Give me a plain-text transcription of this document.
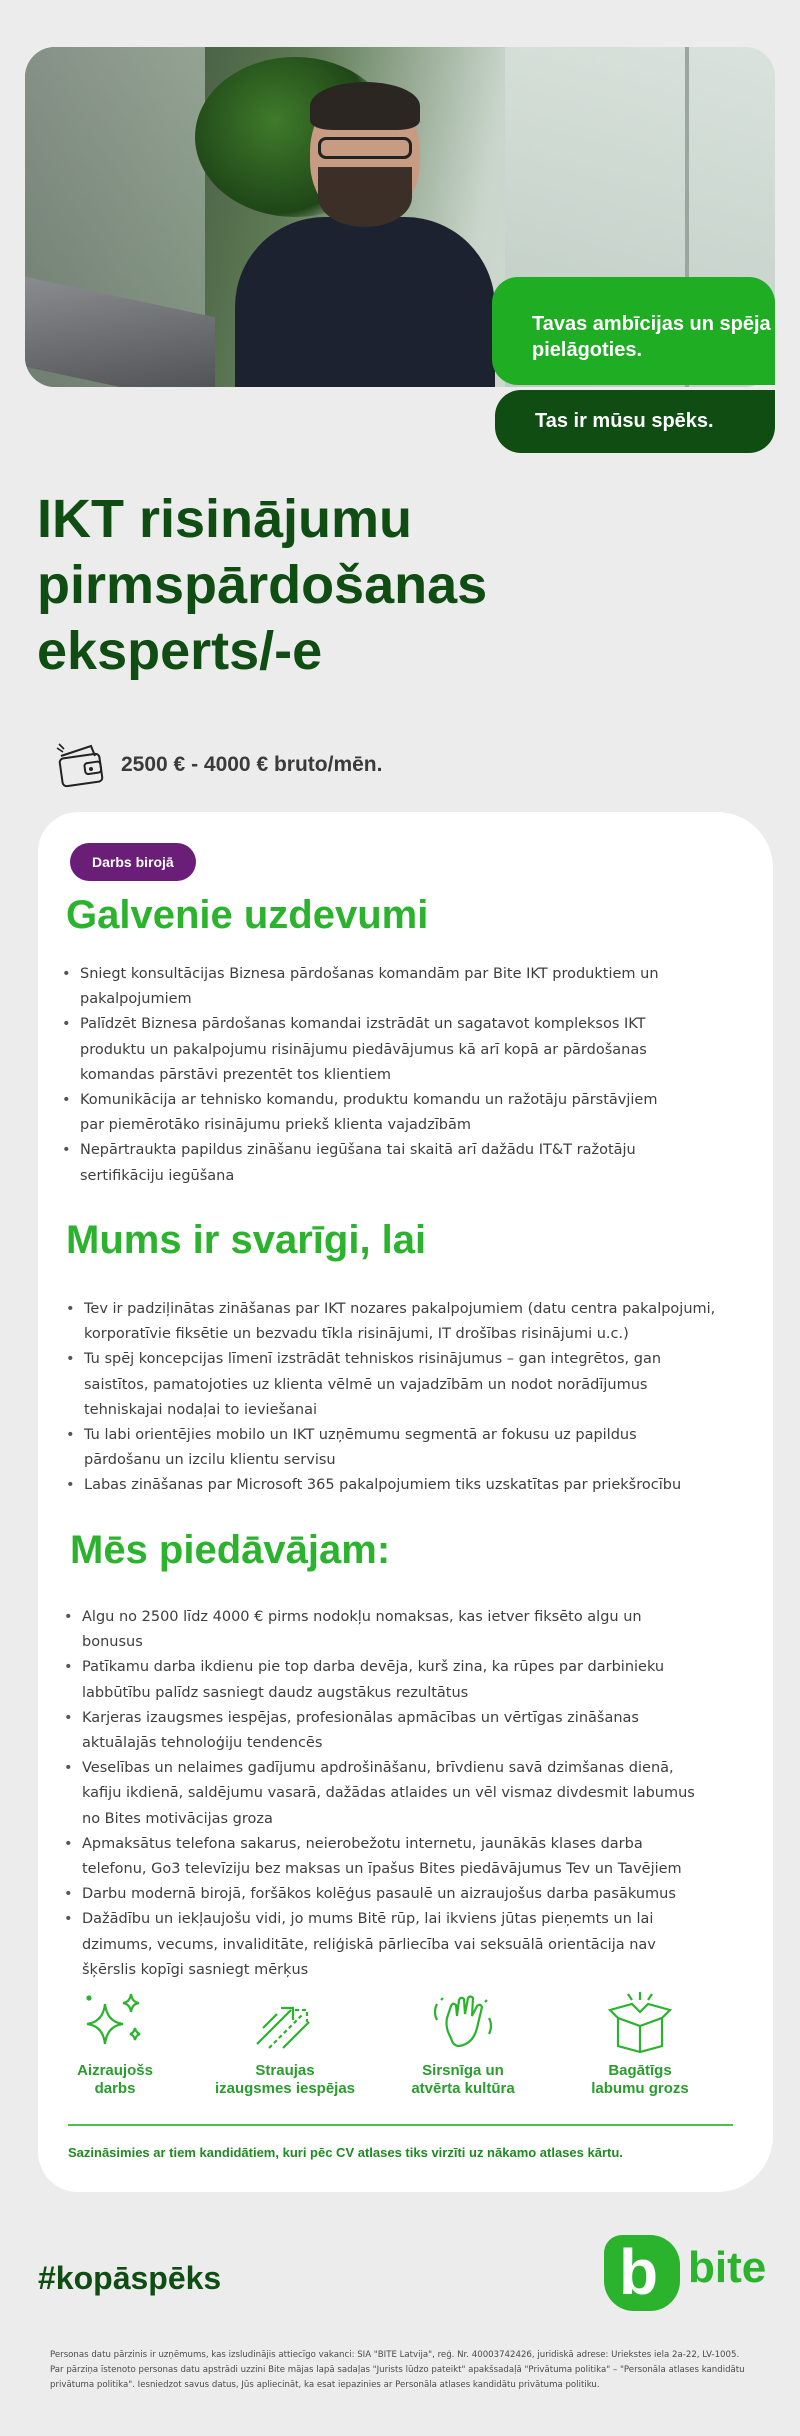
Tavas ambīcijas un spēja pielāgoties.
Tas ir mūsu spēks.
IKT risinājumu pirmspārdošanas eksperts/-e
2500 € - 4000 € bruto/mēn.
Darbs birojā
Galvenie uzdevumi
• Sniegt konsultācijas Biznesa pārdošanas komandām par Bite IKT produktiem un pakalpojumiem
• Palīdzēt Biznesa pārdošanas komandai izstrādāt un sagatavot kompleksos IKT produktu un pakalpojumu risinājumu piedāvājumus kā arī kopā ar pārdošanas komandas pārstāvi prezentēt tos klientiem
• Komunikācija ar tehnisko komandu, produktu komandu un ražotāju pārstāvjiem par piemērotāko risinājumu priekš klienta vajadzībām
• Nepārtraukta papildus zināšanu iegūšana tai skaitā arī dažādu IT&T ražotāju sertifikāciju iegūšana
Mums ir svarīgi, lai
• Tev ir padziļinātas zināšanas par IKT nozares pakalpojumiem (datu centra pakalpojumi, korporatīvie fiksētie un bezvadu tīkla risinājumi, IT drošības risinājumi u.c.)
• Tu spēj koncepcijas līmenī izstrādāt tehniskos risinājumus – gan integrētos, gan saistītos, pamatojoties uz klienta vēlmē un vajadzībām un nodot norādījumus tehniskajai nodaļai to ieviešanai
• Tu labi orientējies mobilo un IKT uzņēmumu segmentā ar fokusu uz papildus pārdošanu un izcilu klientu servisu
• Labas zināšanas par Microsoft 365 pakalpojumiem tiks uzskatītas par priekšrocību
Mēs piedāvājam:
• Algu no 2500 līdz 4000 € pirms nodokļu nomaksas, kas ietver fiksēto algu un bonusus
• Patīkamu darba ikdienu pie top darba devēja, kurš zina, ka rūpes par darbinieku labbūtību palīdz sasniegt daudz augstākus rezultātus
• Karjeras izaugsmes iespējas, profesionālas apmācības un vērtīgas zināšanas aktuālajās tehnoloģiju tendencēs
• Veselības un nelaimes gadījumu apdrošināšanu, brīvdienu savā dzimšanas dienā, kafiju ikdienā, saldējumu vasarā, dažādas atlaides un vēl vismaz divdesmit labumus no Bites motivācijas groza
• Apmaksātus telefona sakarus, neierobežotu internetu, jaunākās klases darba telefonu, Go3 televīziju bez maksas un īpašus Bites piedāvājumus Tev un Tavējiem
• Darbu modernā birojā, foršākos kolēģus pasaulē un aizraujošus darba pasākumus
• Dažādību un iekļaujošu vidi, jo mums Bitē rūp, lai ikviens jūtas pieņemts un lai dzimums, vecums, invaliditāte, reliģiskā pārliecība vai seksuālā orientācija nav šķērslis kopīgi sasniegt mērķus
Aizraujošs
darbs
Straujas
izaugsmes iespējas
Sirsnīga un
atvērta kultūra
Bagātīgs
labumu grozs

Sazināsimies ar tiem kandidātiem, kuri pēc CV atlases tiks virzīti uz nākamo atlases kārtu.

#kopāspēks	b bite

Personas datu pārzinis ir uzņēmums, kas izsludinājis attiecīgo vakanci: SIA "BITE Latvija", reģ. Nr. 40003742426, juridiskā adrese: Uriekstes iela 2a-22, LV-1005. Par pārziņa īstenoto personas datu apstrādi uzzini Bite mājas lapā sadaļas "Jurists lūdzo pateikt" apakšsadaļā "Privātuma politika" – "Personāla atlases kandidātu privātuma politika". Iesniedzot savus datus, Jūs apliecināt, ka esat iepazinies ar Personāla atlases kandidātu privātuma politiku.
